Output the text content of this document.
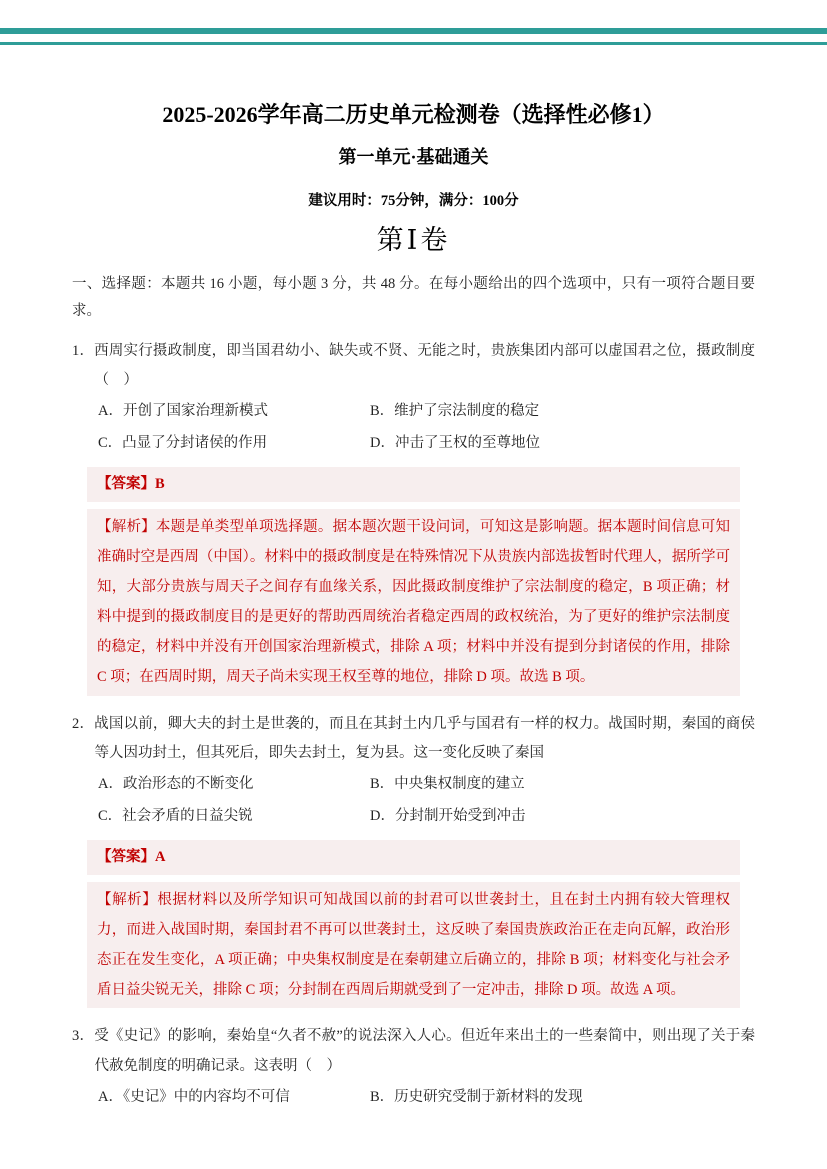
2025-2026学年高二历史单元检测卷（选择性必修1）
第一单元·基础通关

建议用时：75分钟，满分：100分

第Ⅰ卷

一、选择题：本题共 16 小题，每小题 3 分，共 48 分。在每小题给出的四个选项中，只有一项符合题目要求。

1．西周实行摄政制度，即当国君幼小、缺失或不贤、无能之时，贵族集团内部可以虚国君之位，摄政制度（　）

A．开创了国家治理新模式	B．维护了宗法制度的稳定
C．凸显了分封诸侯的作用	D．冲击了王权的至尊地位
【答案】B
【解析】本题是单类型单项选择题。据本题次题干设问词，可知这是影响题。据本题时间信息可知准确时空是西周（中国）。材料中的摄政制度是在特殊情况下从贵族内部选拔暂时代理人，据所学可知，大部分贵族与周天子之间存有血缘关系，因此摄政制度维护了宗法制度的稳定，B 项正确；材料中提到的摄政制度目的是更好的帮助西周统治者稳定西周的政权统治，为了更好的维护宗法制度的稳定，材料中并没有开创国家治理新模式，排除 A 项；材料中并没有提到分封诸侯的作用，排除 C 项；在西周时期，周天子尚未实现王权至尊的地位，排除 D 项。故选 B 项。

2．战国以前，卿大夫的封土是世袭的，而且在其封土内几乎与国君有一样的权力。战国时期，秦国的商侯等人因功封土，但其死后，即失去封土，复为县。这一变化反映了秦国

A．政治形态的不断变化	B．中央集权制度的建立
C．社会矛盾的日益尖锐	D．分封制开始受到冲击
【答案】A
【解析】根据材料以及所学知识可知战国以前的封君可以世袭封土，且在封土内拥有较大管理权力，而进入战国时期，秦国封君不再可以世袭封土，这反映了秦国贵族政治正在走向瓦解，政治形态正在发生变化，A 项正确；中央集权制度是在秦朝建立后确立的，排除 B 项；材料变化与社会矛盾日益尖锐无关，排除 C 项；分封制在西周后期就受到了一定冲击，排除 D 项。故选 A 项。

3．受《史记》的影响，秦始皇“久者不赦”的说法深入人心。但近年来出土的一些秦简中，则出现了关于秦代赦免制度的明确记录。这表明（　）

A．《史记》中的内容均不可信	B．历史研究受制于新材料的发现
